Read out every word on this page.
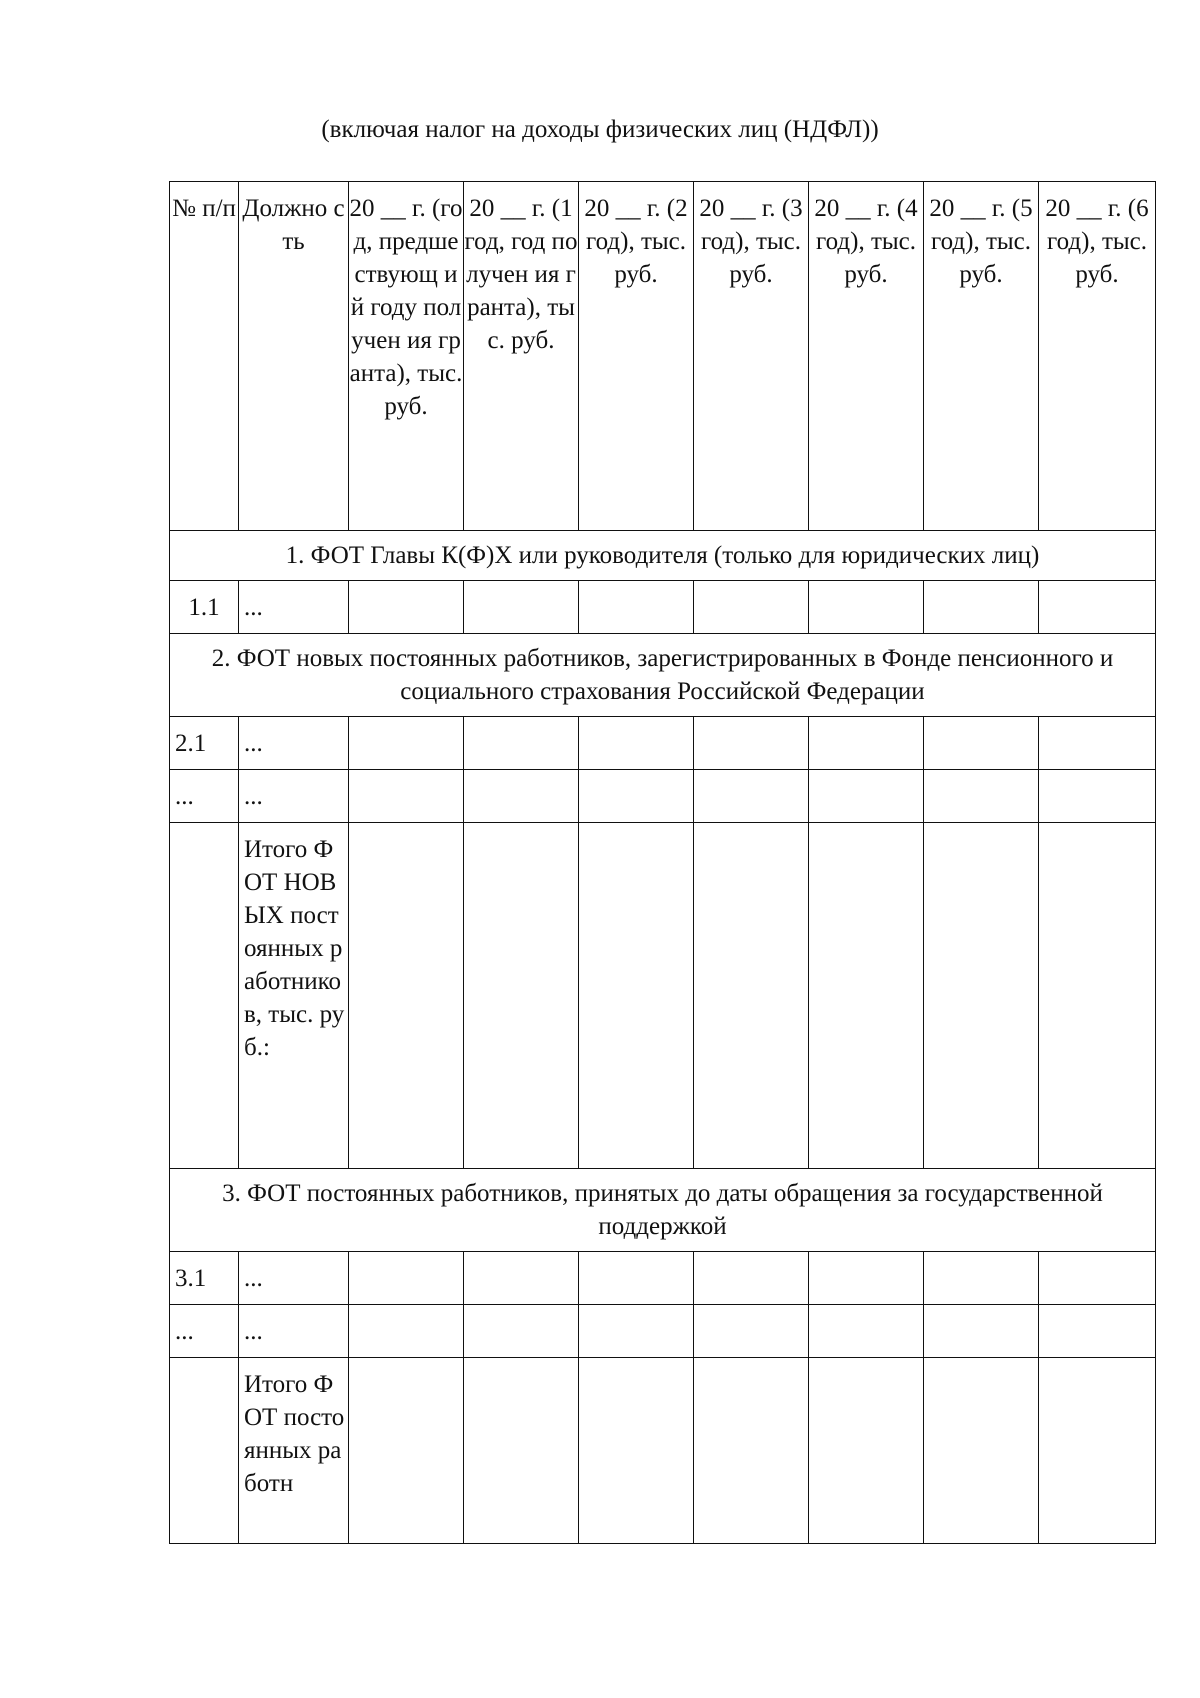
(включая налог на доходы физических лиц (НДФЛ))
№ п/п	Должно сть	20 __ г. (год, предше ствующ ий году получен ия гранта), тыс. руб.	20 __ г. (1 год, год получен ия гранта), тыс. руб.	20 __ г. (2 год), тыс. руб.	20 __ г. (3 год), тыс. руб.	20 __ г. (4 год), тыс. руб.	20 __ г. (5 год), тыс. руб.	20 __ г. (6 год), тыс. руб.
1. ФОТ Главы К(Ф)Х или руководителя (только для юридических лиц)								
1.1	...							
2. ФОТ новых постоянных работников, зарегистрированных в Фонде пенсионного и социального страхования Российской Федерации								
2.1	...							
...	...							
	Итого ФОТ НОВЫХ постоянных работников, тыс. руб.:							
3. ФОТ постоянных работников, принятых до даты обращения за государственной поддержкой								
3.1	...							
...	...							
	Итого ФОТ постоянных работн							
